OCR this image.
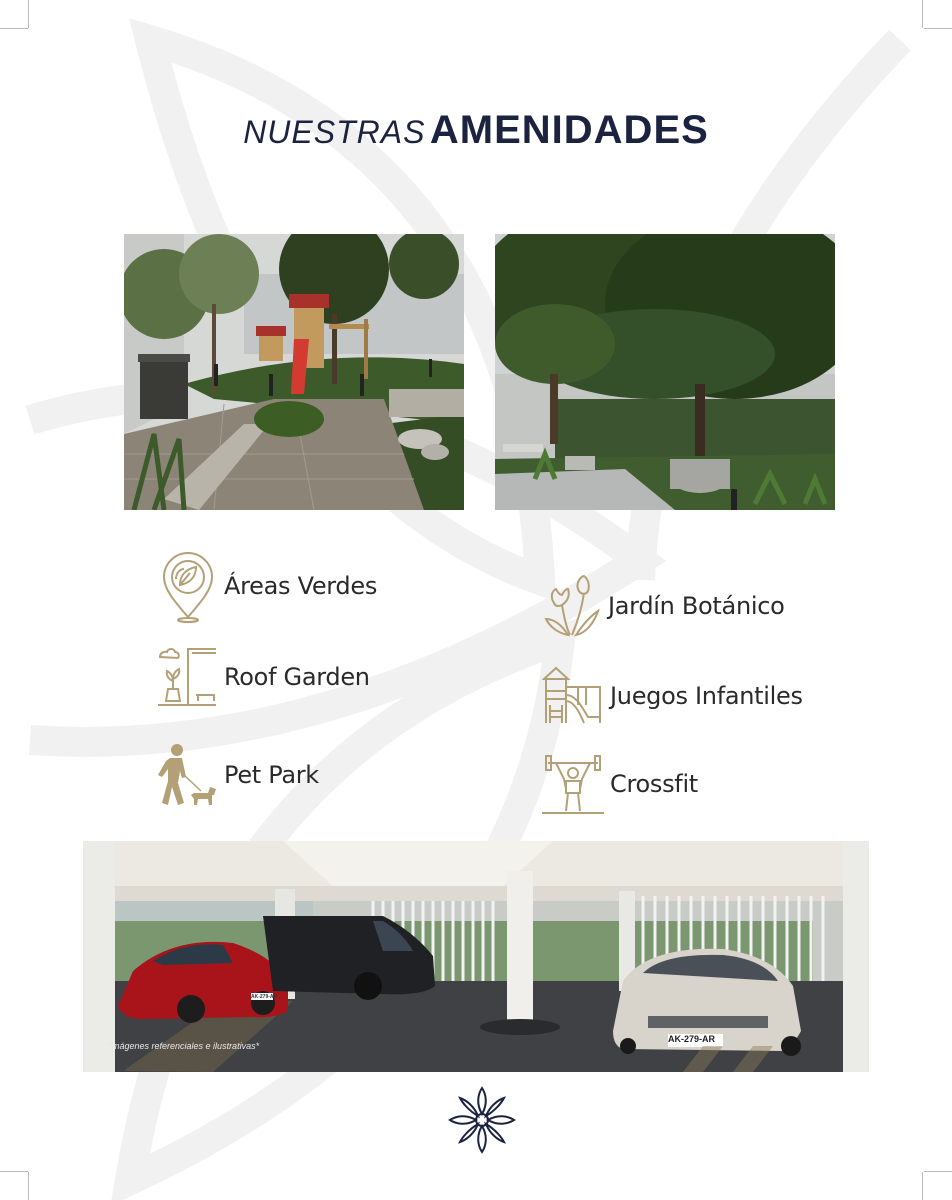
NUESTRAS AMENIDADES
Áreas Verdes
Jardín Botánico
Roof Garden
Juegos Infantiles
Pet Park	Crossfit
AK-279-AR
AK-279-AR
*Imágenes referenciales e ilustrativas*
